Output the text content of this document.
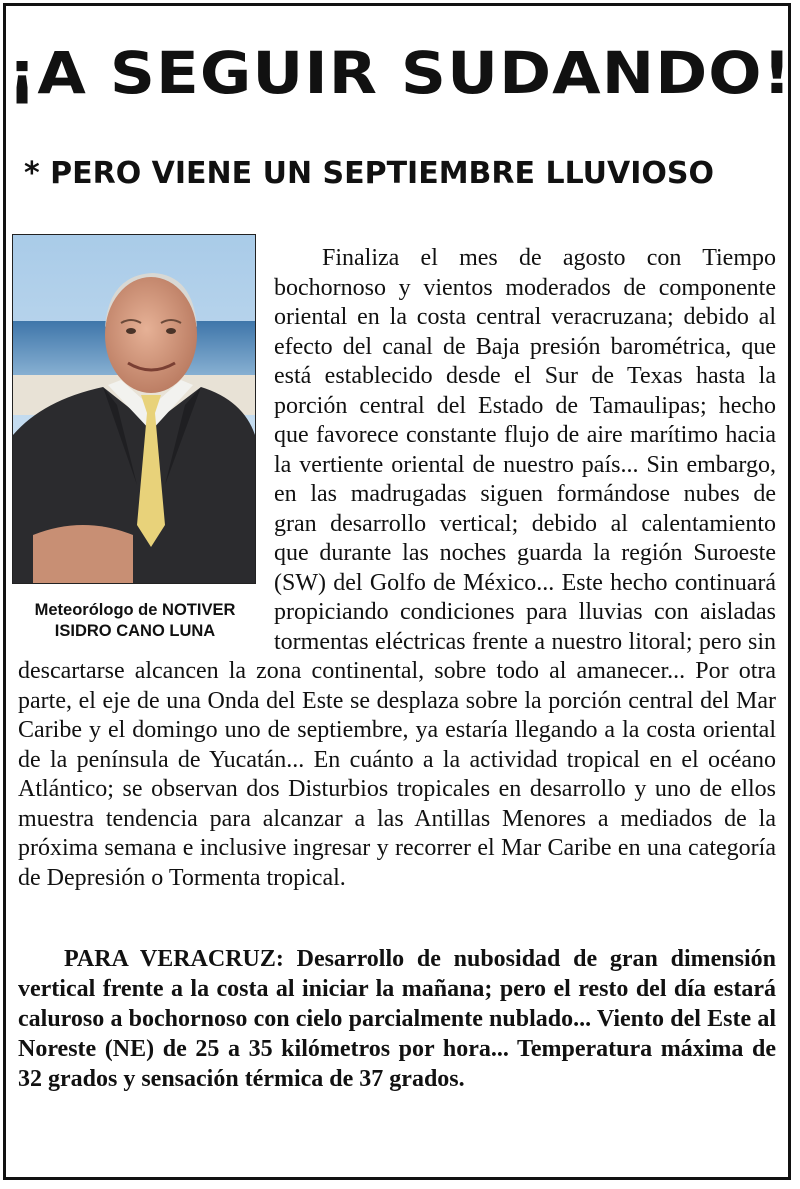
¡A SEGUIR SUDANDO!
* PERO VIENE UN SEPTIEMBRE LLUVIOSO
Meteorólogo de NOTIVER
ISIDRO CANO LUNA
Finaliza el mes de agosto con Tiempo bochornoso y vientos moderados de componente oriental en la costa central veracruzana; debido al efecto del canal de Baja presión barométrica, que está establecido desde el Sur de Texas hasta la porción central del Estado de Tamaulipas; hecho que favorece constante flujo de aire marítimo hacia la vertiente oriental de nuestro país... Sin embargo, en las madrugadas siguen formándose nubes de gran desarrollo vertical; debido al calentamiento que durante las noches guarda la región Suroeste (SW) del Golfo de México... Este hecho continuará propiciando condiciones para lluvias con aisladas tormentas eléctricas frente a nuestro litoral; pero sin descartarse alcancen la zona continental, sobre todo al amanecer... Por otra parte, el eje de una Onda del Este se desplaza sobre la porción central del Mar Caribe y el domingo uno de septiembre, ya estaría llegando a la costa oriental de la península de Yucatán... En cuánto a la actividad tropical en el océano Atlántico; se observan dos Disturbios tropicales en desarrollo y uno de ellos muestra tendencia para alcanzar a las Antillas Menores a mediados de la próxima semana e inclusive ingresar y recorrer el Mar Caribe en una categoría de Depresión o Tormenta tropical.
PARA VERACRUZ: Desarrollo de nubosidad de gran dimensión vertical frente a la costa al iniciar la mañana; pero el resto del día estará caluroso a bochornoso con cielo parcialmente nublado... Viento del Este al Noreste (NE) de 25 a 35 kilómetros por hora... Temperatura máxima de 32 grados y sensación térmica de 37 grados.
